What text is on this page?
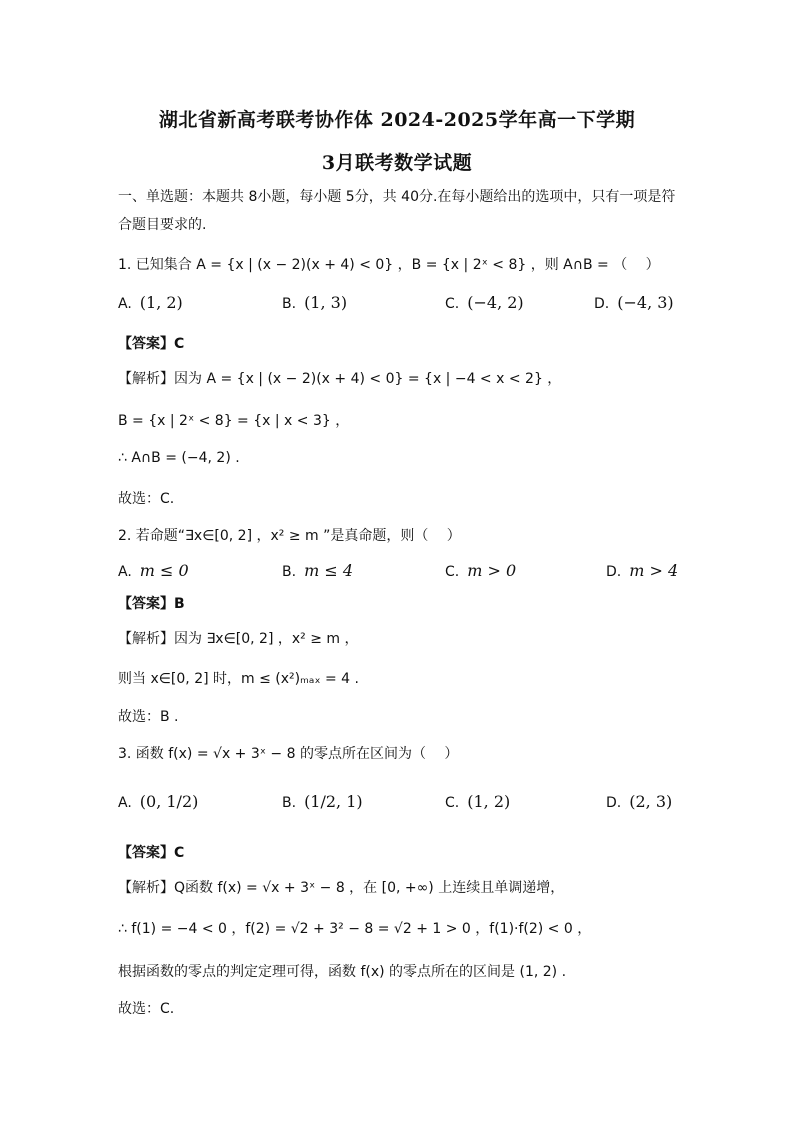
湖北省新高考联考协作体 2024-2025学年高一下学期
3月联考数学试题
一、单选题：本题共 8小题，每小题 5分，共 40分.在每小题给出的选项中，只有一项是符
合题目要求的.
1. 已知集合 A = {x | (x − 2)(x + 4) < 0} ，B = {x | 2ˣ < 8} ，则 A∩B = （　 ）
A. (1, 2)	B. (1, 3)	C. (−4, 2)	D. (−4, 3)
【答案】C
【解析】因为 A = {x | (x − 2)(x + 4) < 0} = {x | −4 < x < 2} ，
B = {x | 2ˣ < 8} = {x | x < 3} ，
∴ A∩B = (−4, 2) .
故选：C.
2. 若命题“∃x∈[0, 2] ，x² ≥ m ”是真命题，则（　 ）
A. m ≤ 0	B. m ≤ 4	C. m > 0	D. m > 4
【答案】B
【解析】因为 ∃x∈[0, 2] ，x² ≥ m ，
则当 x∈[0, 2] 时，m ≤ (x²)ₘₐₓ = 4 .
故选：B .
3. 函数 f(x) = √x + 3ˣ − 8 的零点所在区间为（　 ）
A. (0, 1/2)	B. (1/2, 1)	C. (1, 2)	D. (2, 3)
【答案】C
【解析】Q函数 f(x) = √x + 3ˣ − 8 ，在 [0, +∞) 上连续且单调递增，
∴ f(1) = −4 < 0 ，f(2) = √2 + 3² − 8 = √2 + 1 > 0 ，f(1)·f(2) < 0 ，
根据函数的零点的判定定理可得，函数 f(x) 的零点所在的区间是 (1, 2) .
故选：C.
